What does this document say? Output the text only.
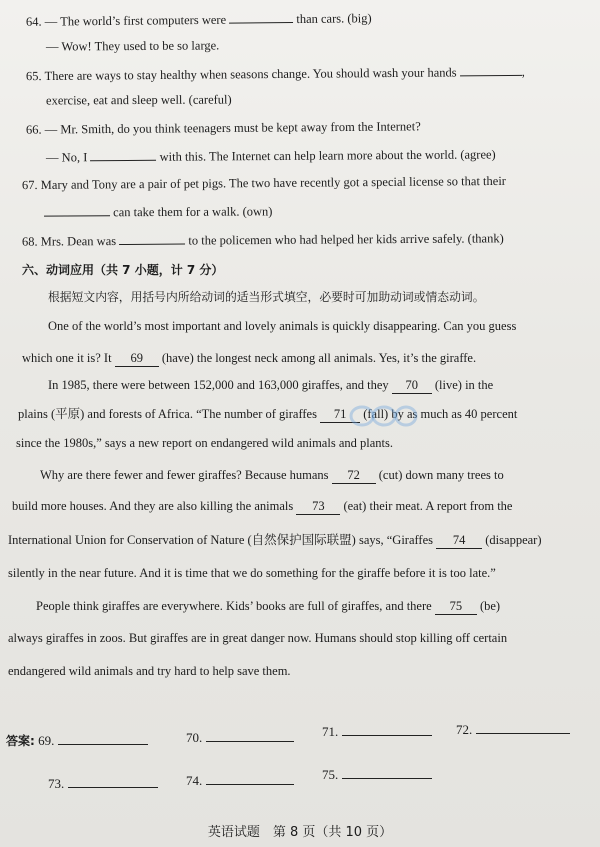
64. — The world’s first computers were	than cars. (big)
— Wow! They used to be so large.
65. There are ways to stay healthy when seasons change. You should wash your hands	,
exercise, eat and sleep well. (careful)
66. — Mr. Smith, do you think teenagers must be kept away from the Internet?
— No, I	with this. The Internet can help learn more about the world. (agree)
67. Mary and Tony are a pair of pet pigs. The two have recently got a special license so that their
can take them for a walk. (own)
68. Mrs. Dean was	to the policemen who had helped her kids arrive safely. (thank)
六、动词应用（共 7 小题，计 7 分）
根据短文内容，用括号内所给动词的适当形式填空，必要时可加助动词或情态动词。
One of the world’s most important and lovely animals is quickly disappearing. Can you guess
which one it is? It 69 (have) the longest neck among all animals. Yes, it’s the giraffe.
In 1985, there were between 152,000 and 163,000 giraffes, and they 70 (live) in the
plains (平原) and forests of Africa. “The number of giraffes 71 (fall) by as much as 40 percent
since the 1980s,” says a new report on endangered wild animals and plants.
Why are there fewer and fewer giraffes? Because humans 72 (cut) down many trees to
build more houses. And they are also killing the animals 73 (eat) their meat. A report from the
International Union for Conservation of Nature (自然保护国际联盟) says, “Giraffes 74 (disappear)
silently in the near future. And it is time that we do something for the giraffe before it is too late.”
People think giraffes are everywhere. Kids’ books are full of giraffes, and there 75 (be)
always giraffes in zoos. But giraffes are in great danger now. Humans should stop killing off certain
endangered wild animals and try hard to help save them.
答案: 69.	70.	71.	72.
73.	74.	75.
英语试题　第 8 页（共 10 页）
